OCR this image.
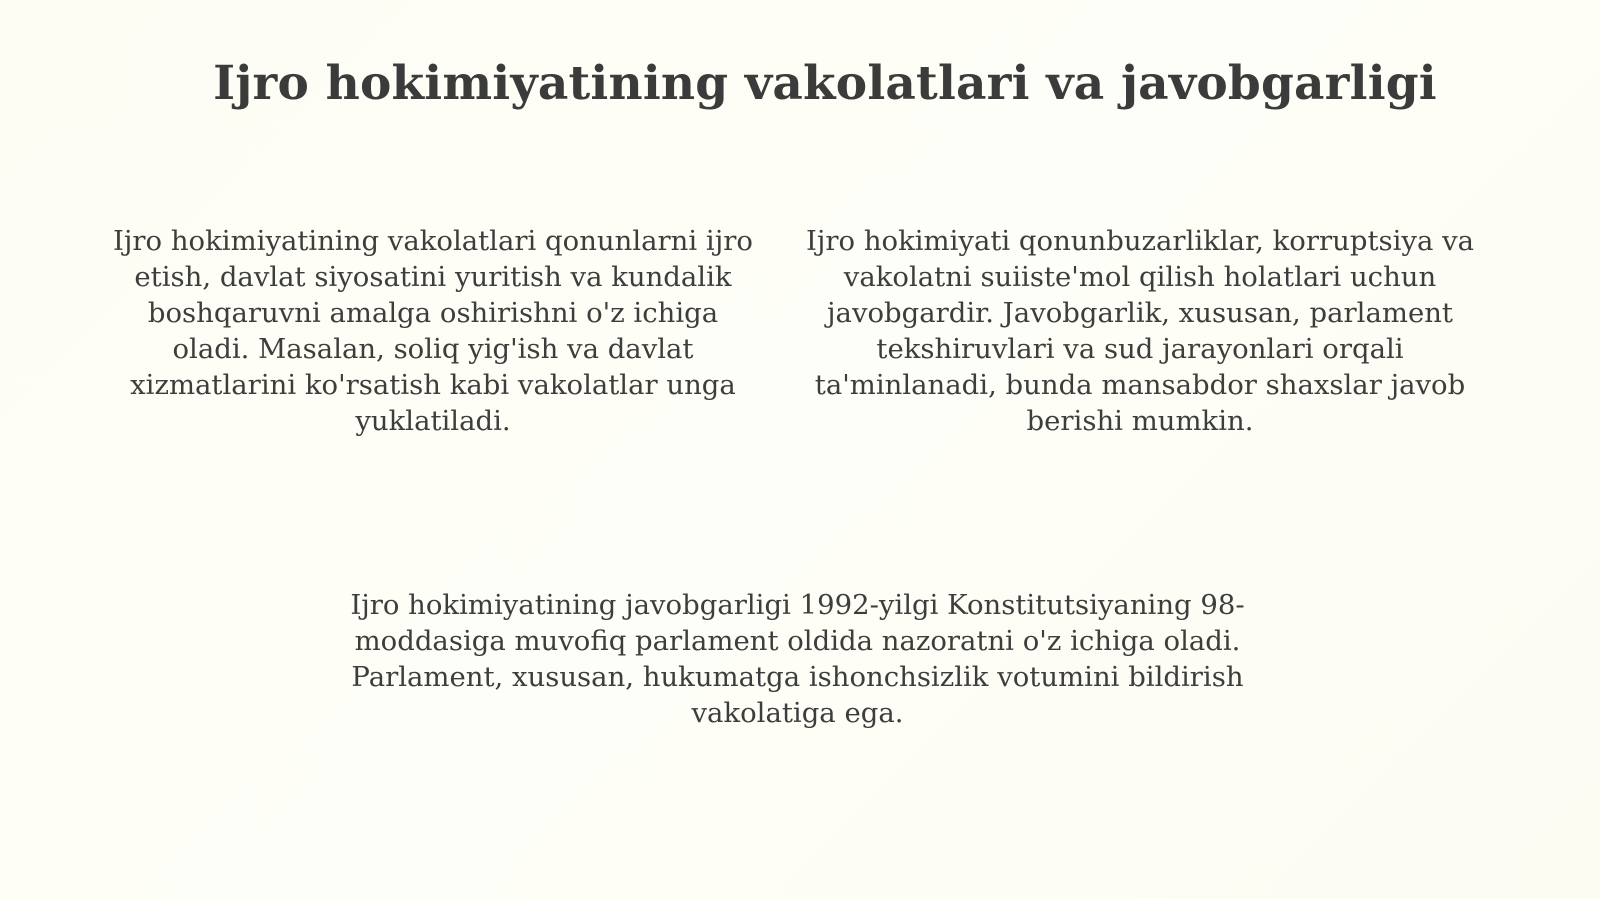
Ijro hokimiyatining vakolatlari va javobgarligi

Ijro hokimiyatining vakolatlari qonunlarni ijro etish, davlat siyosatini yuritish va kundalik boshqaruvni amalga oshirishni o'z ichiga oladi. Masalan, soliq yig'ish va davlat xizmatlarini ko'rsatish kabi vakolatlar unga yuklatiladi.

Ijro hokimiyati qonunbuzarliklar, korruptsiya va vakolatni suiiste'mol qilish holatlari uchun javobgardir. Javobgarlik, xususan, parlament tekshiruvlari va sud jarayonlari orqali ta'minlanadi, bunda mansabdor shaxslar javob berishi mumkin.

Ijro hokimiyatining javobgarligi 1992-yilgi Konstitutsiyaning 98-moddasiga muvofiq parlament oldida nazoratni o'z ichiga oladi. Parlament, xususan, hukumatga ishonchsizlik votumini bildirish vakolatiga ega.
